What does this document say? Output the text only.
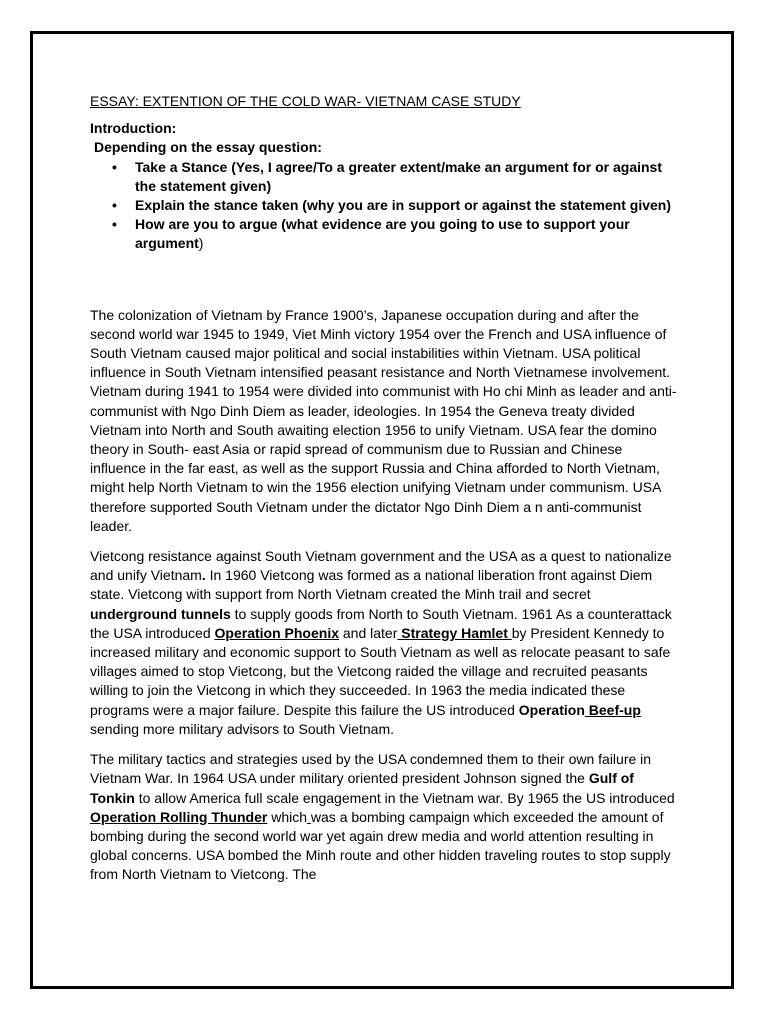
ESSAY: EXTENTION OF THE COLD WAR- VIETNAM CASE STUDY
Introduction:
Depending on the essay question:
• Take a Stance (Yes, I agree/To a greater extent/make an argument for or against the statement given)
• Explain the stance taken (why you are in support or against the statement given)
• How are you to argue (what evidence are you going to use to support your argument)

The colonization of Vietnam by France 1900’s, Japanese occupation during and after the second world war 1945 to 1949, Viet Minh victory 1954 over the French and USA influence of South Vietnam caused major political and social instabilities within Vietnam. USA political influence in South Vietnam intensified peasant resistance and North Vietnamese involvement. Vietnam during 1941 to 1954 were divided into communist with Ho chi Minh as leader and anti-communist with Ngo Dinh Diem as leader, ideologies. In 1954 the Geneva treaty divided Vietnam into North and South awaiting election 1956 to unify Vietnam. USA fear the domino theory in South- east Asia or rapid spread of communism due to Russian and Chinese influence in the far east, as well as the support Russia and China afforded to North Vietnam, might help North Vietnam to win the 1956 election unifying Vietnam under communism. USA therefore supported South Vietnam under the dictator Ngo Dinh Diem a n anti-communist leader.

Vietcong resistance against South Vietnam government and the USA as a quest to nationalize and unify Vietnam. In 1960 Vietcong was formed as a national liberation front against Diem state. Vietcong with support from North Vietnam created the Minh trail and secret underground tunnels to supply goods from North to South Vietnam. 1961 As a counterattack the USA introduced Operation Phoenix and later Strategy Hamlet by President Kennedy to increased military and economic support to South Vietnam as well as relocate peasant to safe villages aimed to stop Vietcong, but the Vietcong raided the village and recruited peasants willing to join the Vietcong in which they succeeded. In 1963 the media indicated these programs were a major failure. Despite this failure the US introduced Operation Beef-up sending more military advisors to South Vietnam.

The military tactics and strategies used by the USA condemned them to their own failure in Vietnam War. In 1964 USA under military oriented president Johnson signed the Gulf of Tonkin to allow America full scale engagement in the Vietnam war. By 1965 the US introduced Operation Rolling Thunder which was a bombing campaign which exceeded the amount of bombing during the second world war yet again drew media and world attention resulting in global concerns. USA bombed the Minh route and other hidden traveling routes to stop supply from North Vietnam to Vietcong. The
